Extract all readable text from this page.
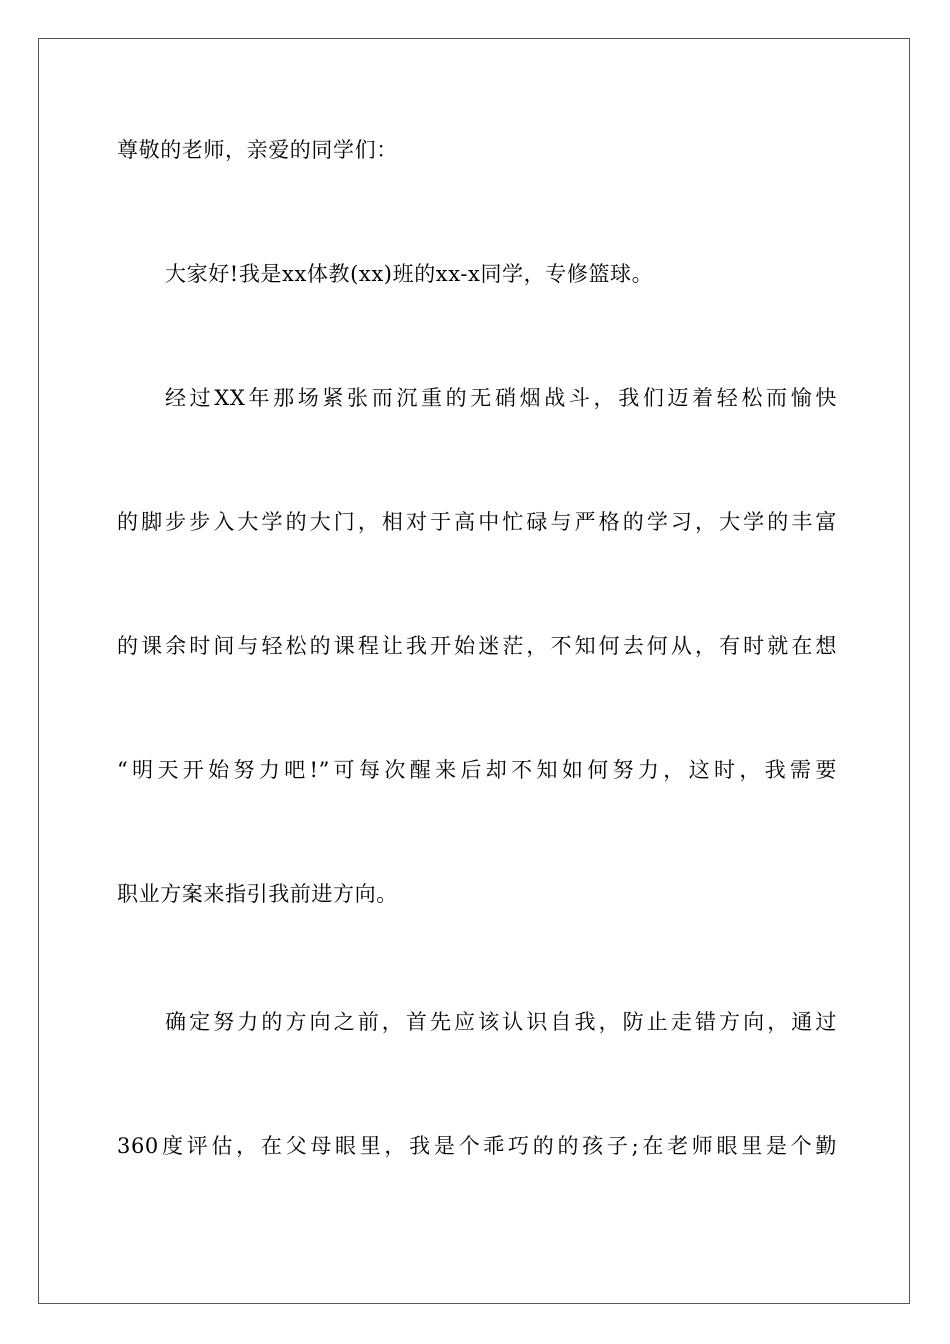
尊敬的老师，亲爱的同学们：
大家好!我是xx体教(xx)班的xx-x同学，专修篮球。
经过XX年那场紧张而沉重的无硝烟战斗，我们迈着轻松而愉快
的脚步步入大学的大门，相对于高中忙碌与严格的学习，大学的丰富
的课余时间与轻松的课程让我开始迷茫，不知何去何从，有时就在想
“明天开始努力吧!”可每次醒来后却不知如何努力，这时，我需要
职业方案来指引我前进方向。
确定努力的方向之前，首先应该认识自我，防止走错方向，通过
360度评估，在父母眼里，我是个乖巧的的孩子;在老师眼里是个勤
